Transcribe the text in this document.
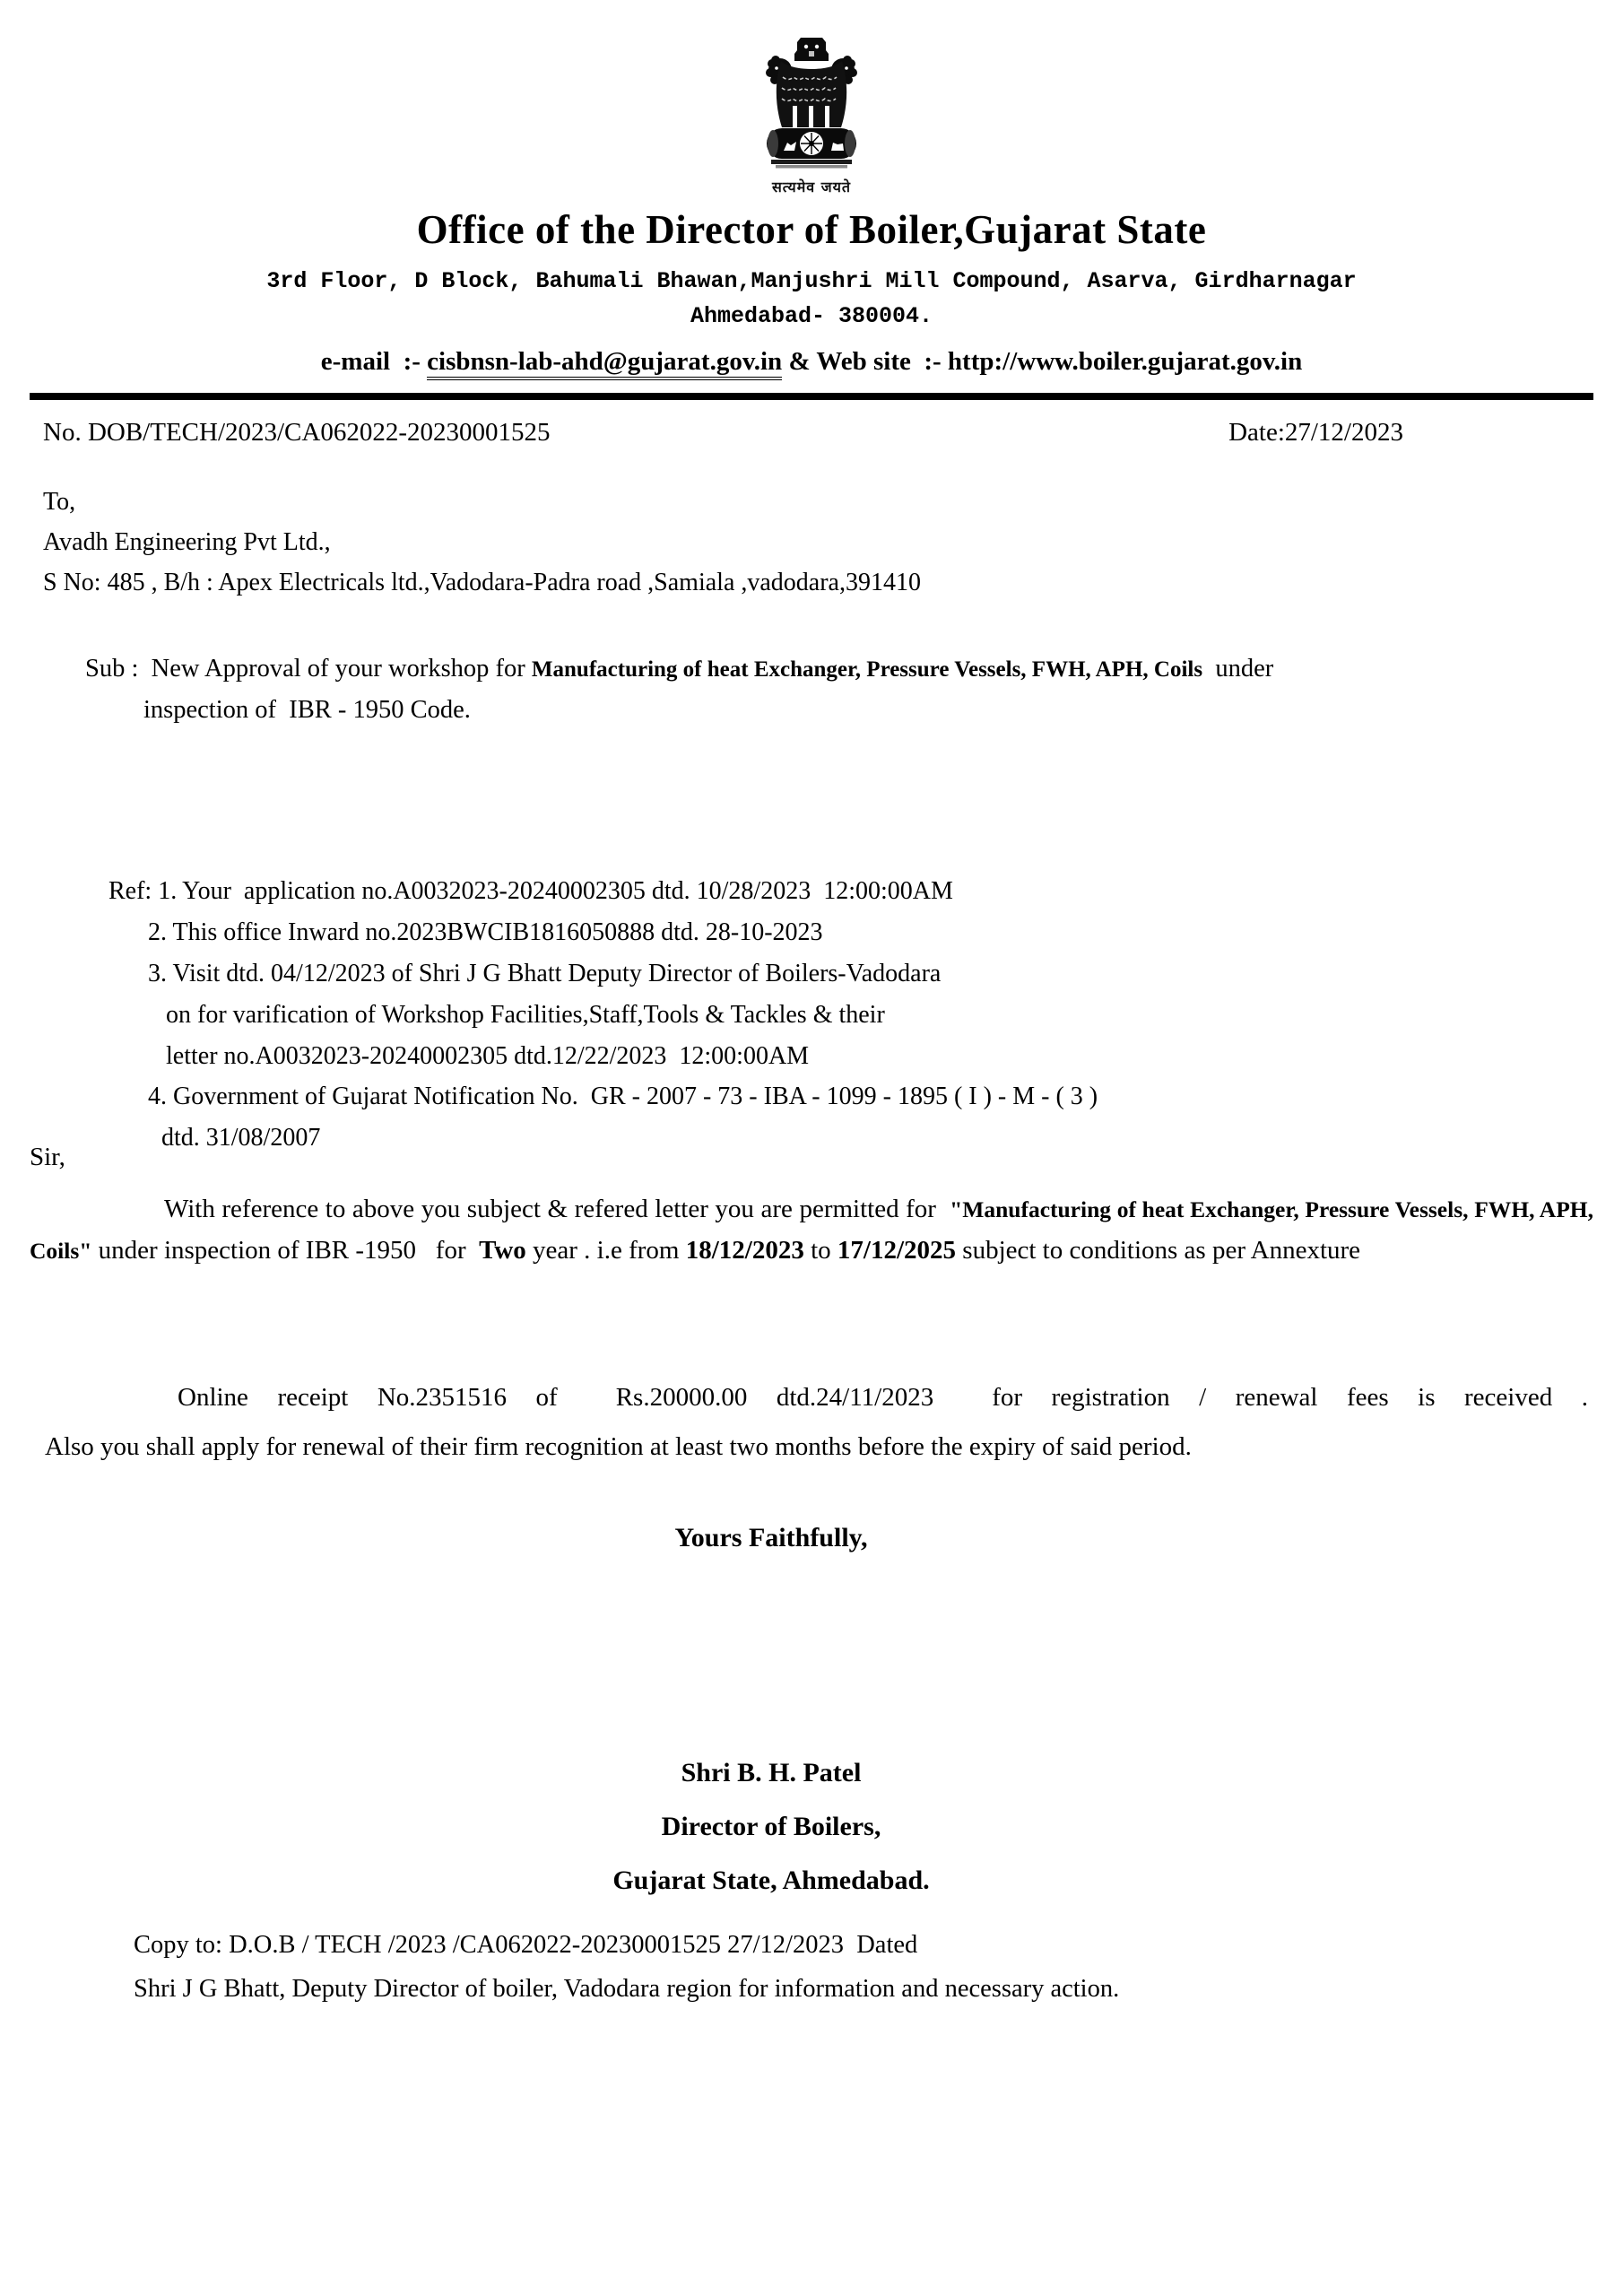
सत्यमेव जयते
Office of the Director of Boiler,Gujarat State
3rd Floor, D Block, Bahumali Bhawan,Manjushri Mill Compound, Asarva, Girdharnagar
Ahmedabad- 380004.
e-mail  :- cisbnsn-lab-ahd@gujarat.gov.in & Web site  :- http://www.boiler.gujarat.gov.in
No. DOB/TECH/2023/CA062022-20230001525	Date:27/12/2023
To,
Avadh Engineering Pvt Ltd.,
S No: 485 , B/h : Apex Electricals ltd.,Vadodara-Padra road ,Samiala ,vadodara,391410
Sub :  New Approval of your workshop for Manufacturing of heat Exchanger, Pressure Vessels, FWH, APH, Coils  under
inspection of  IBR - 1950 Code.
Ref: 1. Your  application no.A0032023-20240002305 dtd. 10/28/2023  12:00:00AM
2. This office Inward no.2023BWCIB1816050888 dtd. 28-10-2023
3. Visit dtd. 04/12/2023 of Shri J G Bhatt Deputy Director of Boilers-Vadodara
on for varification of Workshop Facilities,Staff,Tools & Tackles & their
letter no.A0032023-20240002305 dtd.12/22/2023  12:00:00AM
4. Government of Gujarat Notification No.  GR - 2007 - 73 - IBA - 1099 - 1895 ( I ) - M - ( 3 )
dtd. 31/08/2007
Sir,
With reference to above you subject & refered letter you are permitted for  "Manufacturing of heat Exchanger, Pressure Vessels, FWH, APH, Coils" under inspection of IBR -1950   for  Two year . i.e from 18/12/2023 to 17/12/2025 subject to conditions as per Annexture
Online receipt No.2351516 of  Rs.20000.00 dtd.24/11/2023  for registration / renewal fees is received .
Also you shall apply for renewal of their firm recognition at least two months before the expiry of said period.
Yours Faithfully,
Shri B. H. Patel
Director of Boilers,
Gujarat State, Ahmedabad.
Copy to: D.O.B / TECH /2023 /CA062022-20230001525 27/12/2023  Dated
Shri J G Bhatt, Deputy Director of boiler, Vadodara region for information and necessary action.
